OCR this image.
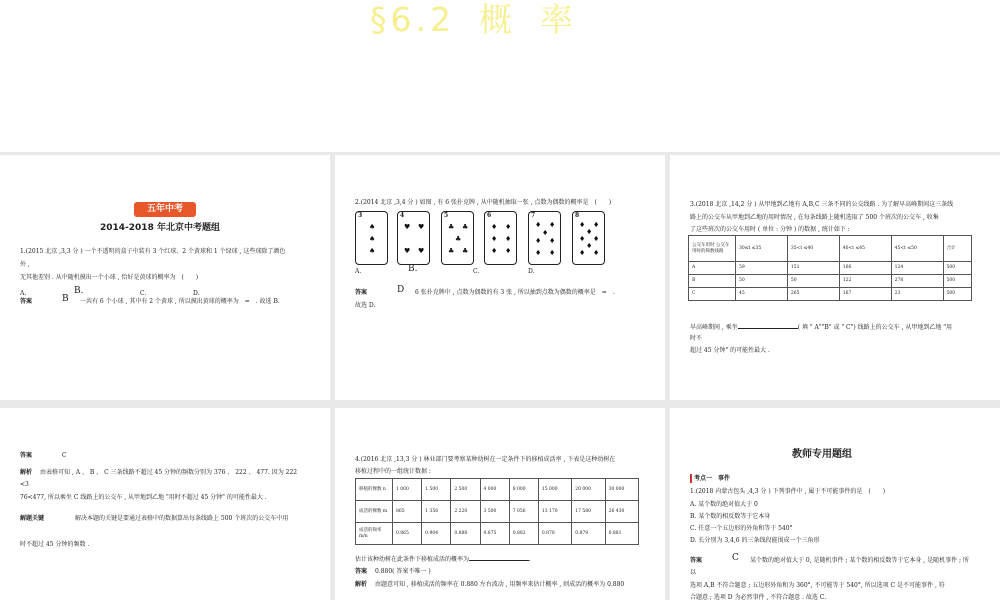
§6.2 概 率
五年中考
2014-2018 年北京中考题组
1.(2015 北京 ,3,3 分 ) 一个不透明的盒子中装有 3 个红球、2 个黄球和 1 个绿球 , 这些球除了颜色
外 ,
无其他差别 . 从中随机摸出一个小球 , 恰好是黄球的概率为　(　　)
A.	B.	C.	D.
答案	B 一共有 6 个小球 , 其中有 2 个黄球 , 所以摸出黄球的概率为　=　. 故选 B.
2.(2014 北京 ,3,4 分 ) 如图 , 有 6 张扑克牌 , 从中随机抽取一张 , 点数为偶数的概率是　(　　)
3
♠
♠
♠
4
♥ ♥
♥ ♥
5
♣ ♣
♣
♣ ♣
6
♦ ♦
♦ ♦
♦ ♦
7
♦ ♦
♦
♦ ♦
♦ ♦
8
♦ ♦
♦
♦ ♦
♦
♦ ♦
A.	B.	C.	D.
答案	D 6 张扑克牌中 , 点数为偶数的有 3 张 , 所以抽到点数为偶数的概率是　=　.
故选 D.
3.(2018 北京 ,14,2 分 ) 从甲地到乙地有 A,B,C 三条不同的公交线路 . 为了解早高峰期间这三条线
路上的公交车从甲地到乙地的用时情况 , 在每条线路上随机选取了 500 个班次的公交车 , 收集
了这些班次的公交车用时 ( 单位 : 分钟 ) 的数据 , 统计如下 :
公交车用时 公交车用时的频数线路	30≤t ≤35	35<t ≤40	40<t ≤45	45<t ≤50	合计
A	59	151	166	124	500
B	50	50	122	278	500
C	45	265	167	23	500
早高峰期间 , 乘坐	( 填 " A""B" 或 " C") 线路上的公交车 , 从甲地到乙地 "用
时不
超过 45 分钟" 的可能性最大 .
答案	C
解析 由表格可知 , A 、 B 、 C 三条线路不超过 45 分钟的频数分别为 376 、 222 、 477. 因为 222
<3
76<477, 所以乘坐 C 线路上的公交车 , 从甲地到乙地 "用时不超过 45 分钟" 的可能性最大 .
解题关键	解决本题的关键是要通过表格中的数据算出每条线路上 500 个班次的公交车中用
时不超过 45 分钟的频数 .
4.(2016 北京 ,13,3 分 ) 林业部门要考察某种幼树在一定条件下的移植成活率 , 下表是这种幼树在
移植过程中的一组统计数据 :
移植的棵数 n	1 000	1 500	2 500	4 000	8 000	15 000	20 000	30 000
成活的棵数 m	865	1 356	2 220	3 500	7 056	13 170	17 580	26 430
成活的频率 m/n	0.865	0.904	0.888	0.875	0.882	0.878	0.879	0.881
估计该种幼树在此条件下移植成活的概率为	.
答案 0.880( 答案不唯一 )
解析 由题意可知 , 移植成活的频率在 0.880 左右波动 , 用频率来估计概率 , 则成活的概率为 0.880
教师专用题组
考点一　事件
1.(2018 内蒙古包头 ,4,3 分 ) 下列事件中 , 属于不可能事件的是　(　　)
A. 某个数的绝对值大于 0
B. 某个数的相反数等于它本身
C. 任意一个五边形的外角和等于 540°
D. 长分别为 3,4,6 的三条线段能围成一个三角形
答案	C 某个数的绝对值大于 0, 是随机事件 ; 某个数的相反数等于它本身 , 是随机事件 ; 所
以
选项 A,B 不符合题意 ; 五边形外角和为 360°, 不可能等于 540°, 所以选项 C 是不可能事件 , 符
合题意 ; 选项 D 为必然事件 , 不符合题意 . 故选 C.
